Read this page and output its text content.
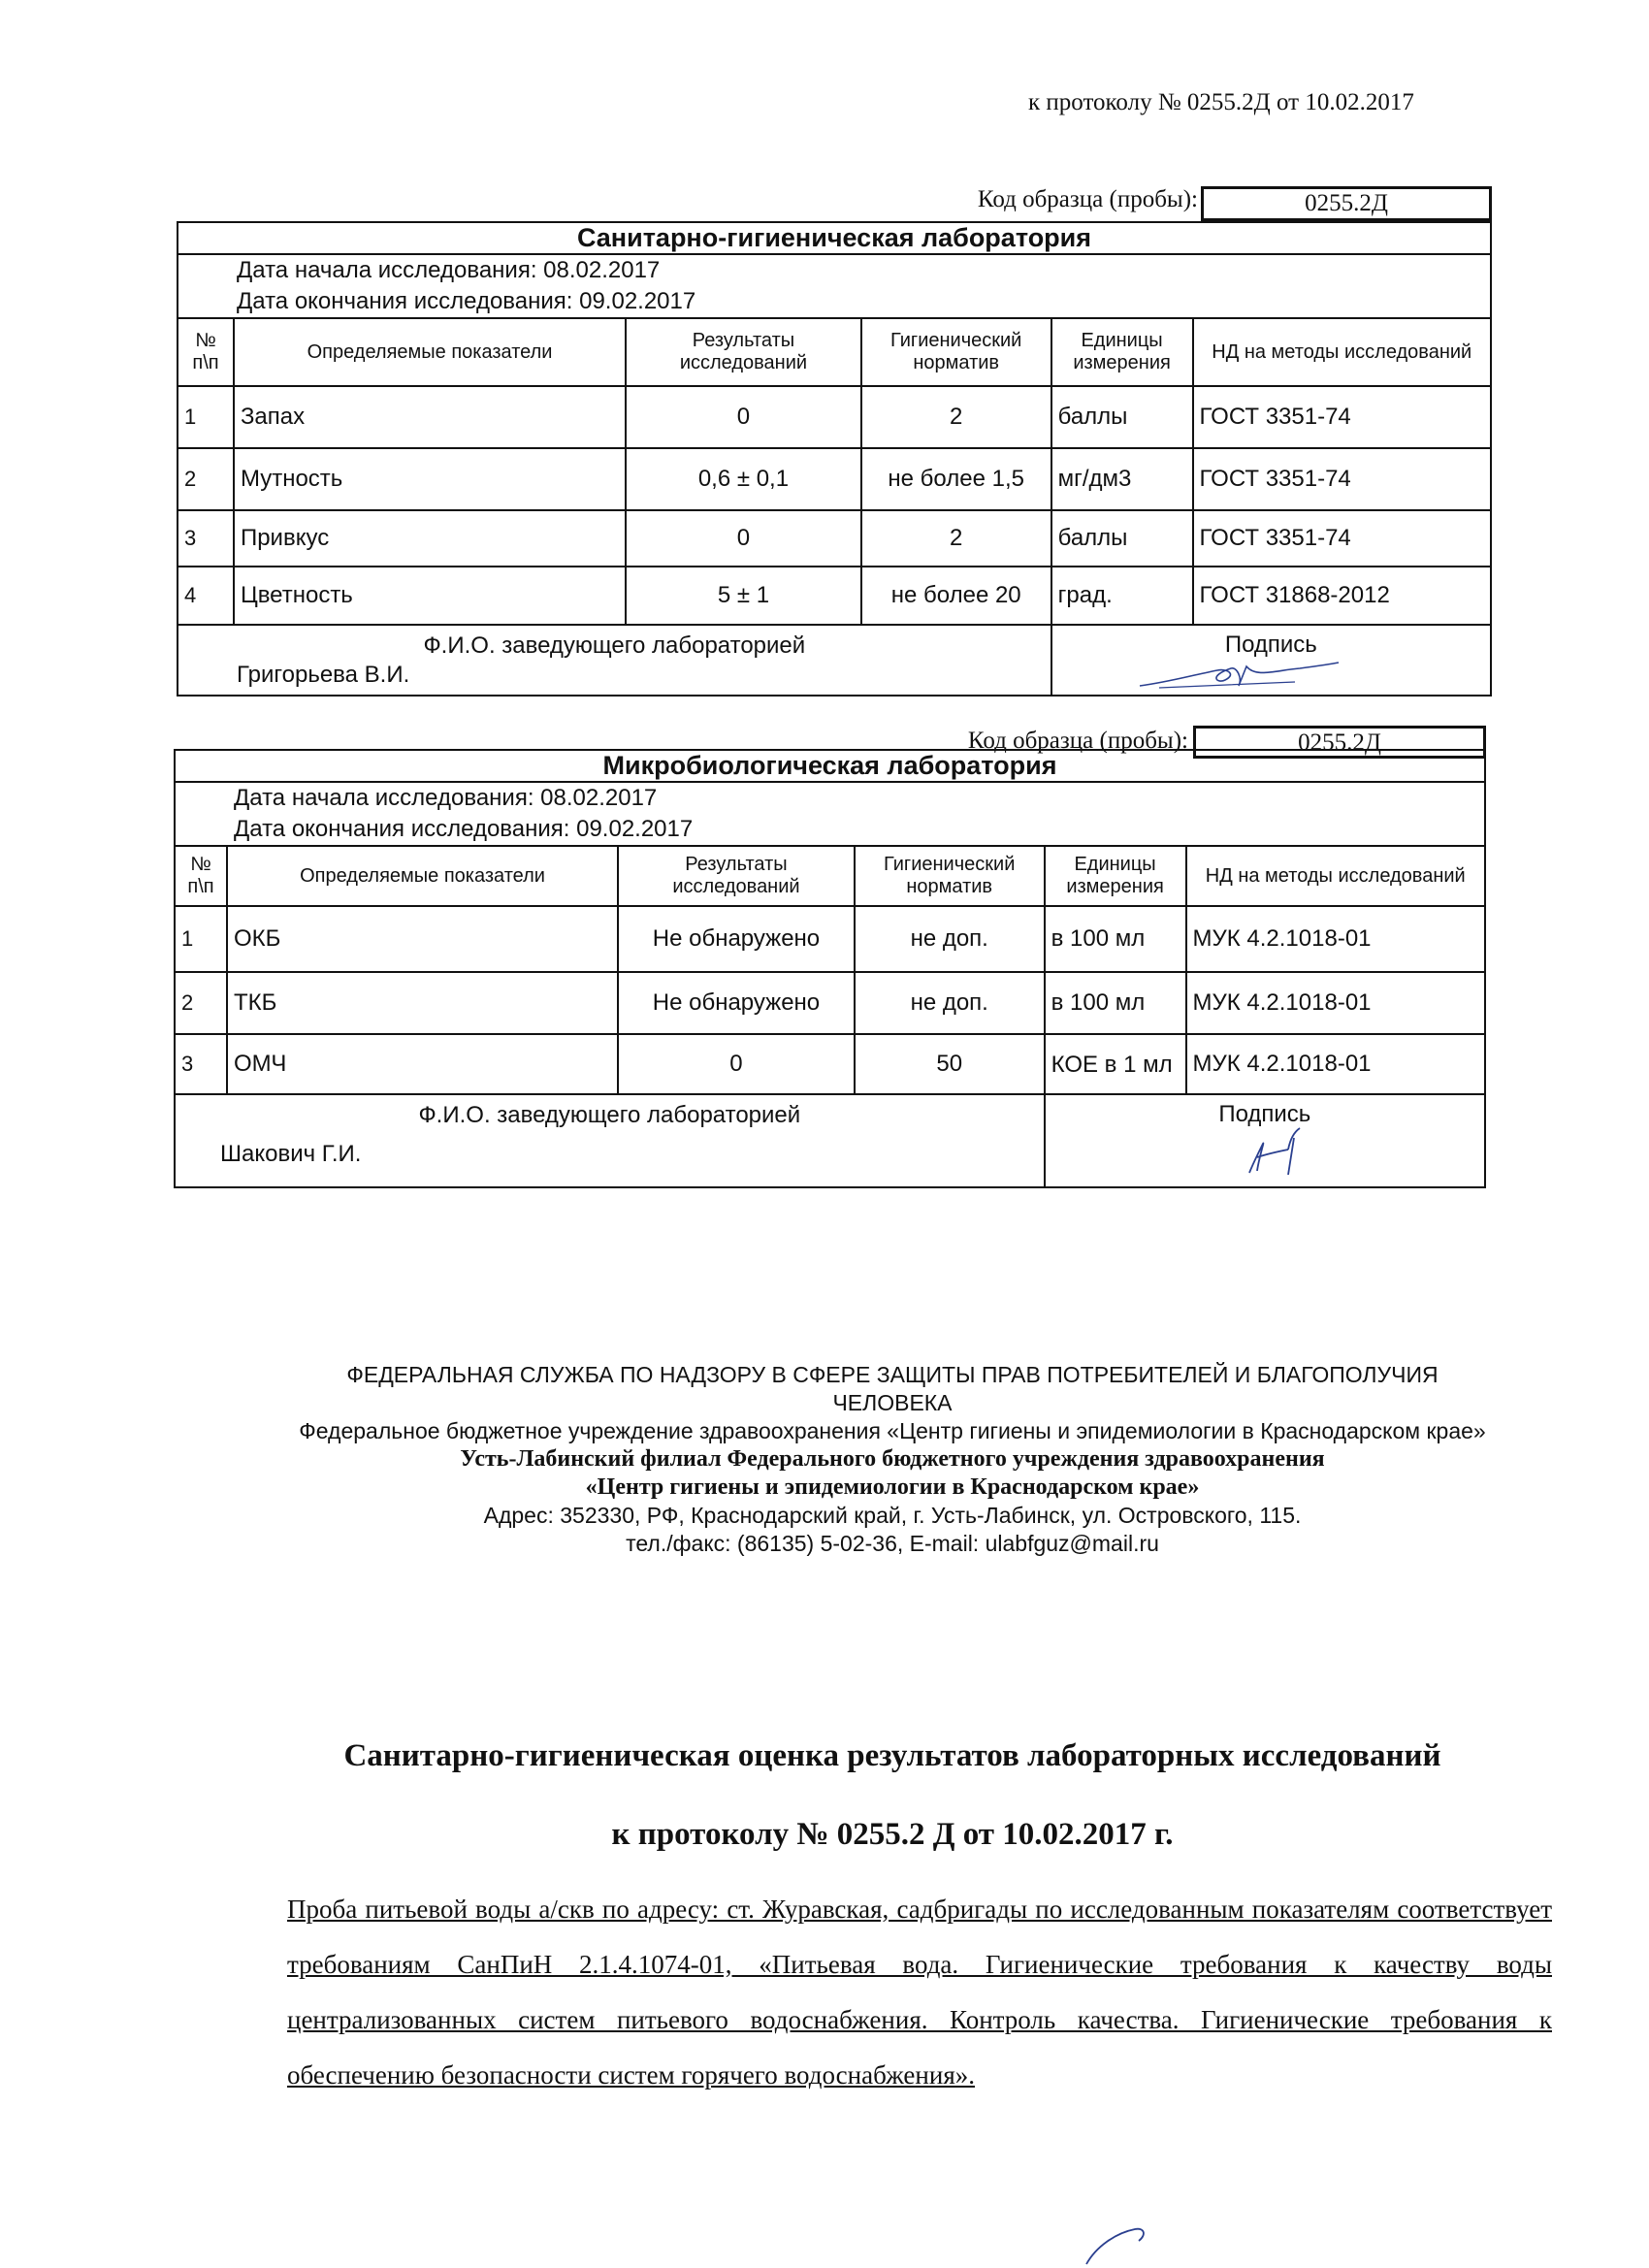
к протоколу № 0255.2Д от 10.02.2017
Код образца (пробы):	0255.2Д
Санитарно-гигиеническая лаборатория					

Дата начала исследования: 08.02.2017
Дата окончания исследования: 09.02.2017					

№ п\п	Определяемые показатели	Результаты исследований	Гигиенический норматив	Единицы измерения	НД на методы исследований
1	Запах	0	2	баллы	ГОСТ 3351-74
2	Мутность	0,6 ± 0,1	не более 1,5	мг/дм3	ГОСТ 3351-74
3	Привкус	0	2	баллы	ГОСТ 3351-74
4	Цветность	5 ± 1	не более 20	град.	ГОСТ 31868-2012

Ф.И.О. заведующего лабораторией
Григорьева В.И.				Подпись	
Код образца (пробы):	0255.2Д
Микробиологическая лаборатория					

Дата начала исследования: 08.02.2017
Дата окончания исследования: 09.02.2017					

№ п\п	Определяемые показатели	Результаты исследований	Гигиенический норматив	Единицы измерения	НД на методы исследований
1	ОКБ	Не обнаружено	не доп.	в 100 мл	МУК 4.2.1018-01
2	ТКБ	Не обнаружено	не доп.	в 100 мл	МУК 4.2.1018-01
3	ОМЧ	0	50	КОЕ в 1 мл	МУК 4.2.1018-01

Ф.И.О. заведующего лабораторией
Шакович Г.И.				Подпись	
ФЕДЕРАЛЬНАЯ СЛУЖБА ПО НАДЗОРУ В СФЕРЕ ЗАЩИТЫ ПРАВ ПОТРЕБИТЕЛЕЙ И БЛАГОПОЛУЧИЯ ЧЕЛОВЕКА
Федеральное бюджетное учреждение здравоохранения «Центр гигиены и эпидемиологии в Краснодарском крае»
Усть-Лабинский филиал Федерального бюджетного учреждения здравоохранения
«Центр гигиены и эпидемиологии в Краснодарском крае»
Адрес: 352330, РФ, Краснодарский край, г. Усть-Лабинск, ул. Островского, 115.
тел./факс: (86135) 5-02-36, E-mail: ulabfguz@mail.ru
Санитарно-гигиеническая оценка результатов лабораторных исследований
к протоколу № 0255.2 Д от 10.02.2017 г.
Проба питьевой воды а/скв по адресу: ст. Журавская, садбригады по исследованным показателям соответствует требованиям СанПиН 2.1.4.1074-01, «Питьевая вода. Гигиенические требования к качеству воды централизованных систем питьевого водоснабжения. Контроль качества. Гигиенические требования к обеспечению безопасности систем горячего водоснабжения».
